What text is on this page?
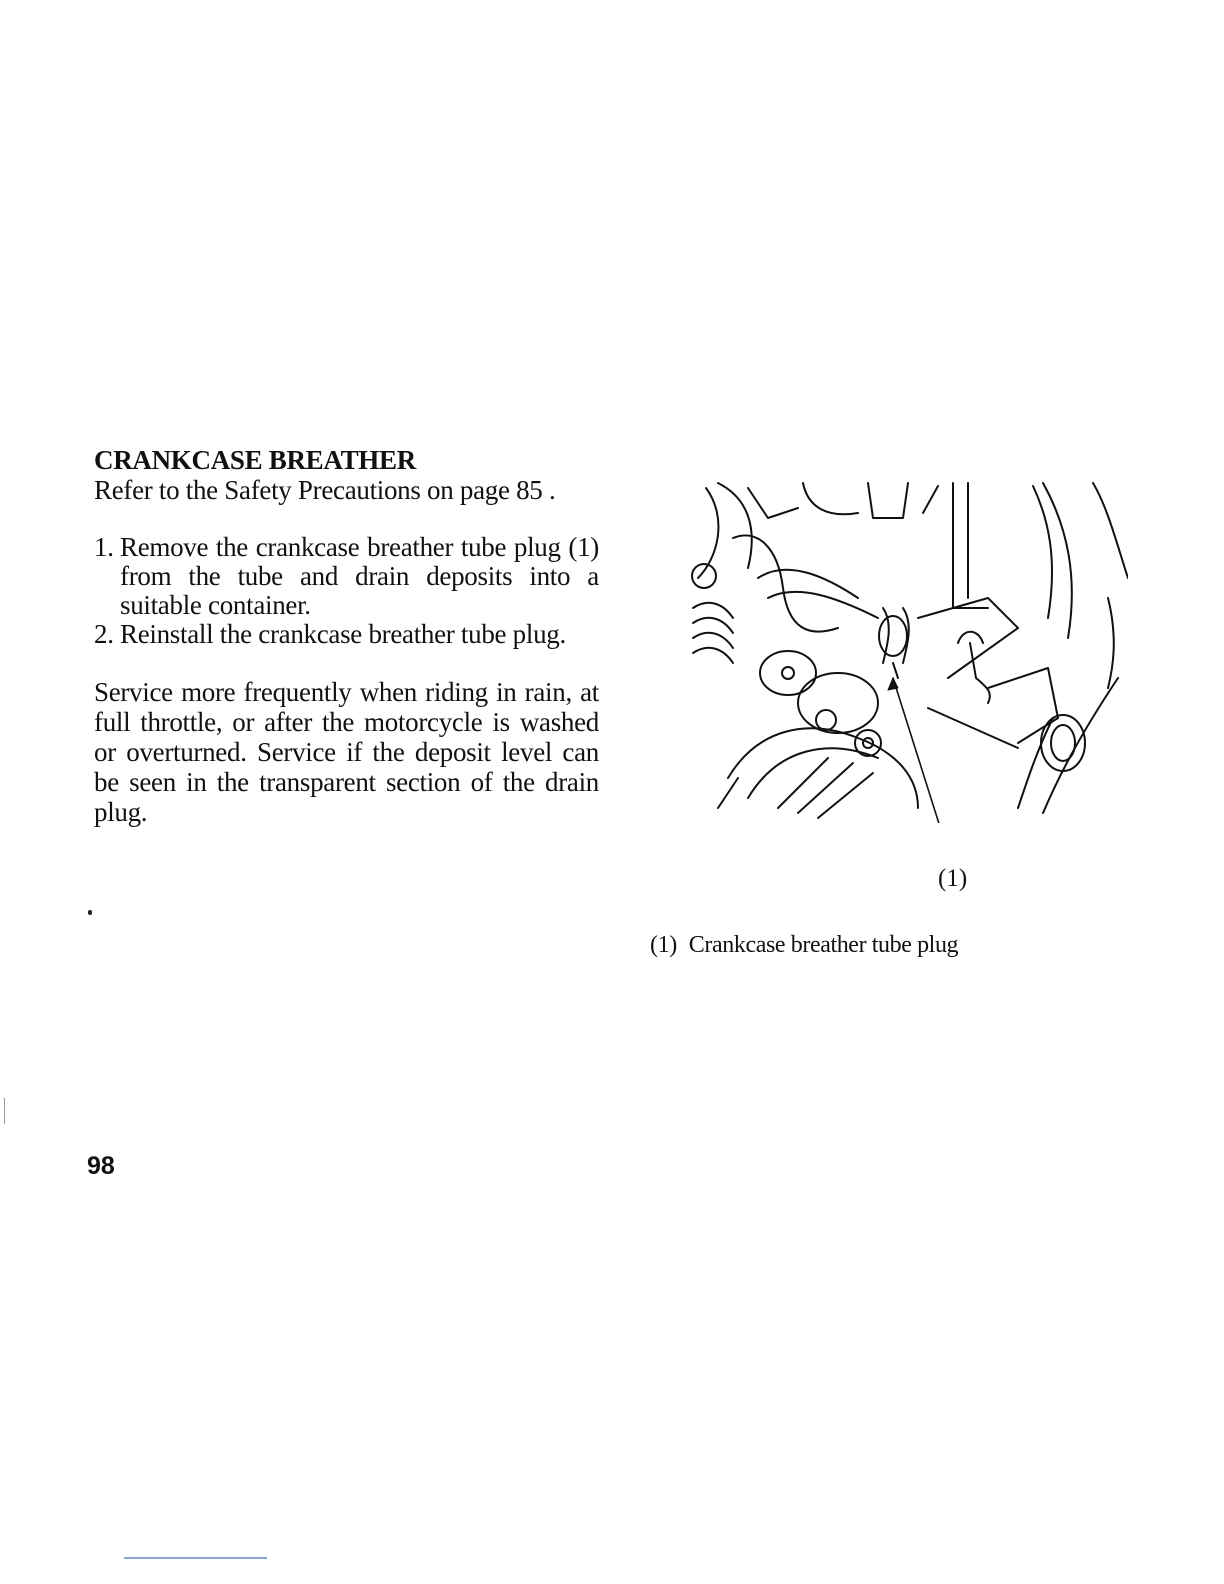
CRANKCASE BREATHER

Refer to the Safety Precautions on page 85 .

1. Remove the crankcase breather tube plug (1) from the tube and drain deposits into a suitable container.
2. Reinstall the crankcase breather tube plug.

Service more frequently when riding in rain, at full throttle, or after the motorcycle is washed or overturned. Service if the deposit level can be seen in the transparent section of the drain plug.

(1)

(1) Crankcase breather tube plug

98
